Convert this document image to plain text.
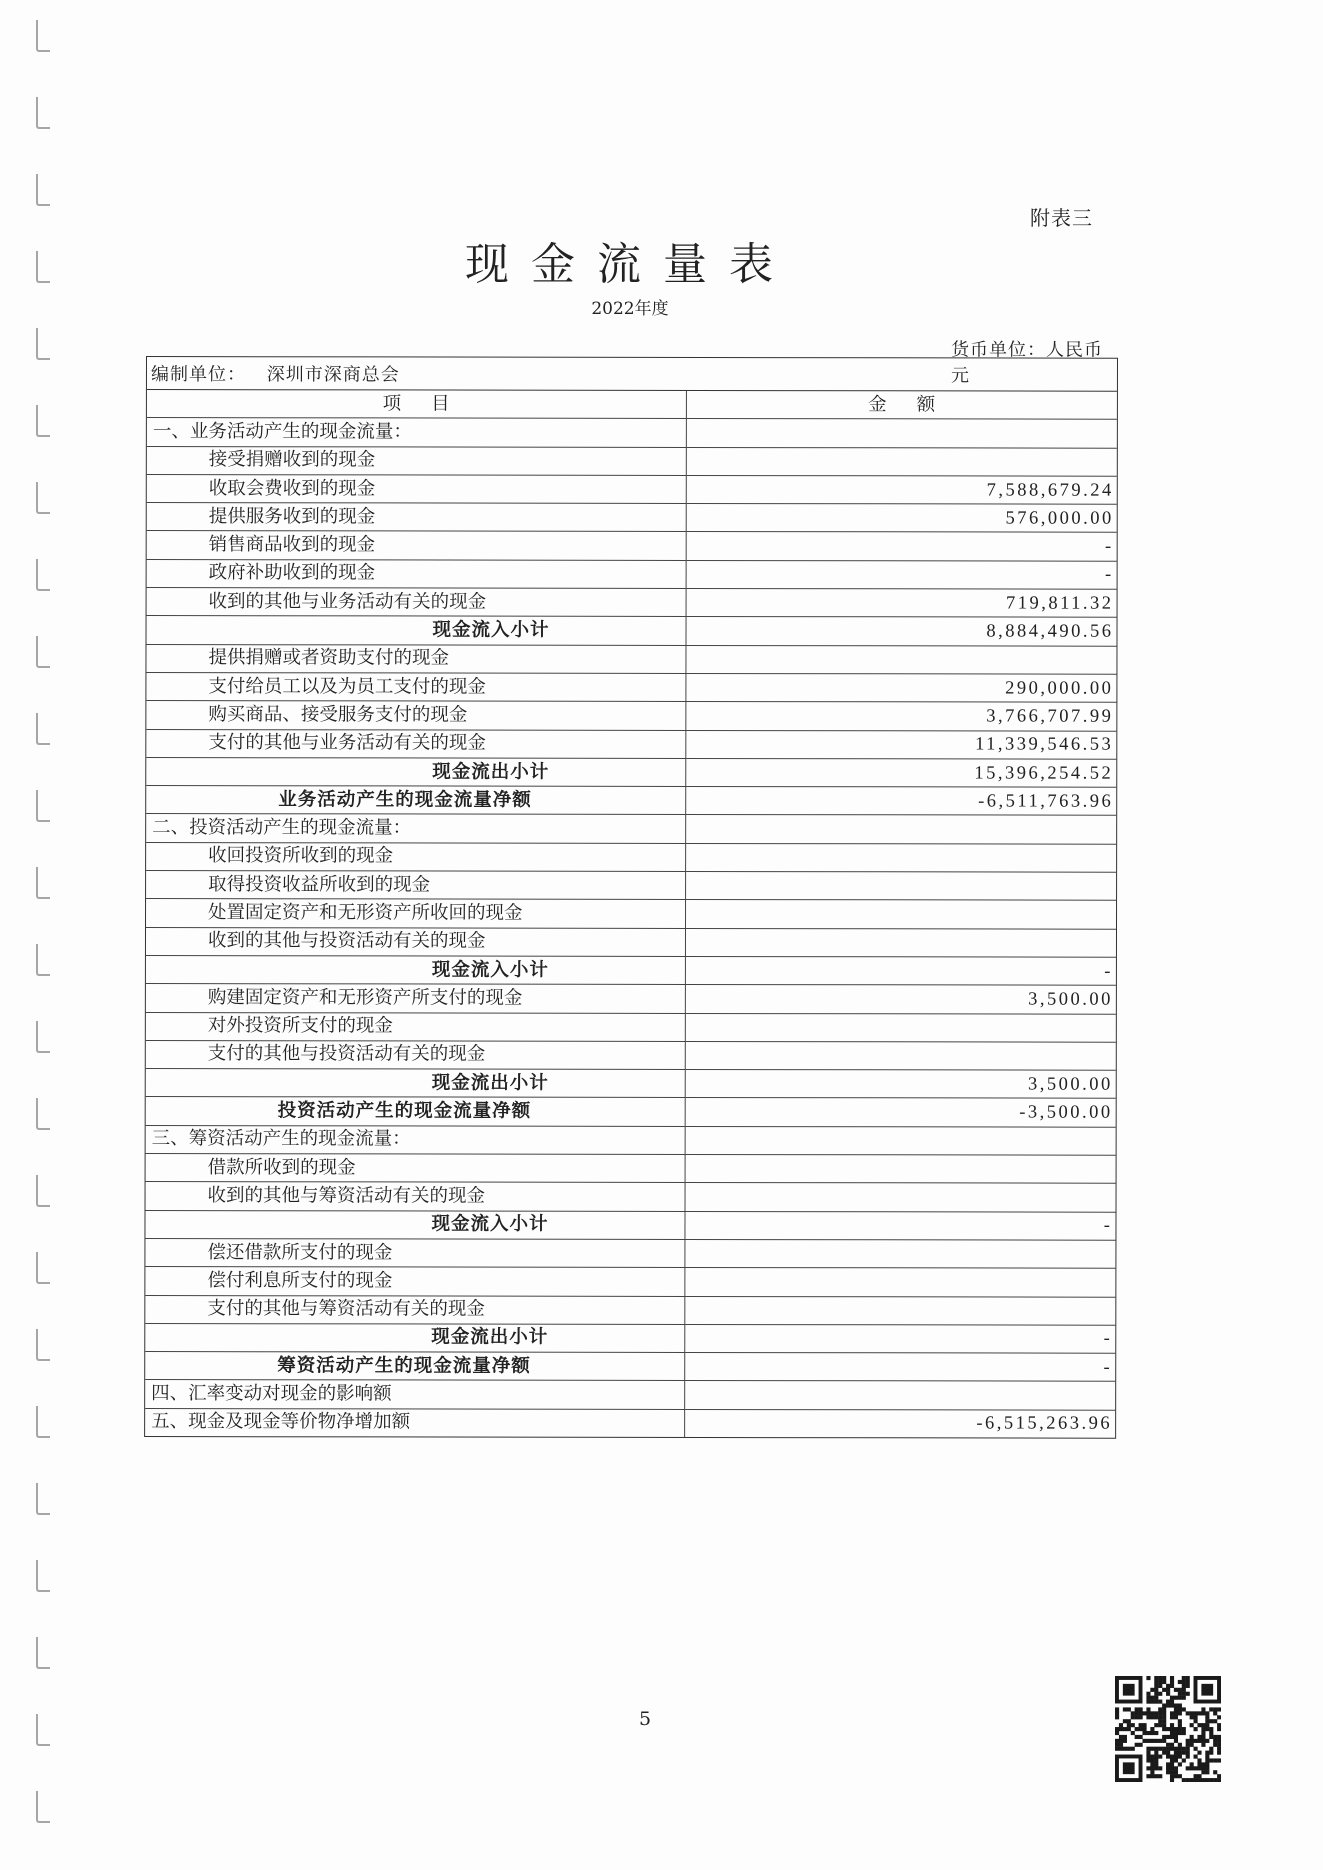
附表三
现金流量表
2022年度
编制单位： 深圳市深商总会
货币单位：人民币元
项目	金额
一、业务活动产生的现金流量：	
接受捐赠收到的现金	
收取会费收到的现金	7,588,679.24
提供服务收到的现金	576,000.00
销售商品收到的现金	-
政府补助收到的现金	-
收到的其他与业务活动有关的现金	719,811.32
现金流入小计	8,884,490.56
提供捐赠或者资助支付的现金	
支付给员工以及为员工支付的现金	290,000.00
购买商品、接受服务支付的现金	3,766,707.99
支付的其他与业务活动有关的现金	11,339,546.53
现金流出小计	15,396,254.52
业务活动产生的现金流量净额	-6,511,763.96
二、投资活动产生的现金流量：	
收回投资所收到的现金	
取得投资收益所收到的现金	
处置固定资产和无形资产所收回的现金	
收到的其他与投资活动有关的现金	
现金流入小计	-
购建固定资产和无形资产所支付的现金	3,500.00
对外投资所支付的现金	
支付的其他与投资活动有关的现金	
现金流出小计	3,500.00
投资活动产生的现金流量净额	-3,500.00
三、筹资活动产生的现金流量：	
借款所收到的现金	
收到的其他与筹资活动有关的现金	
现金流入小计	-
偿还借款所支付的现金	
偿付利息所支付的现金	
支付的其他与筹资活动有关的现金	
现金流出小计	-
筹资活动产生的现金流量净额	-
四、汇率变动对现金的影响额	
五、现金及现金等价物净增加额	-6,515,263.96
5
